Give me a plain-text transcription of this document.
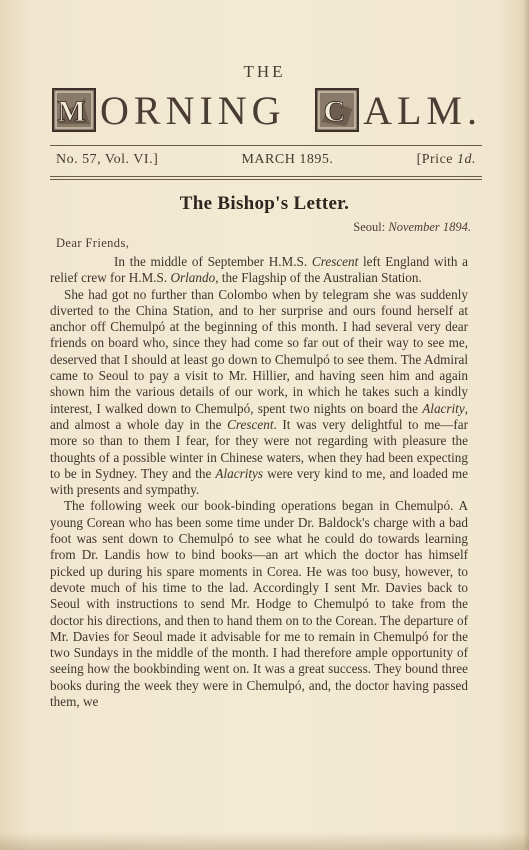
THE
M ORNING C ALM.
No. 57, Vol. VI.]	MARCH 1895.	[Price 1d.
The Bishop's Letter.
Seoul: November 1894.
Dear Friends,

In the middle of September H.M.S. Crescent left England with a relief crew for H.M.S. Orlando, the Flagship of the Australian Station.

She had got no further than Colombo when by telegram she was suddenly diverted to the China Station, and to her surprise and ours found herself at anchor off Chemulpó at the beginning of this month. I had several very dear friends on board who, since they had come so far out of their way to see me, deserved that I should at least go down to Chemulpó to see them. The Admiral came to Seoul to pay a visit to Mr. Hillier, and having seen him and again shown him the various details of our work, in which he takes such a kindly interest, I walked down to Chemulpó, spent two nights on board the Alacrity, and almost a whole day in the Crescent. It was very delightful to me—far more so than to them I fear, for they were not regarding with pleasure the thoughts of a possible winter in Chinese waters, when they had been expecting to be in Sydney. They and the Alacritys were very kind to me, and loaded me with presents and sympathy.

The following week our book-binding operations began in Chemulpó. A young Corean who has been some time under Dr. Baldock's charge with a bad foot was sent down to Chemulpó to see what he could do towards learning from Dr. Landis how to bind books—an art which the doctor has himself picked up during his spare moments in Corea. He was too busy, however, to devote much of his time to the lad. Accordingly I sent Mr. Davies back to Seoul with instructions to send Mr. Hodge to Chemulpó to take from the doctor his directions, and then to hand them on to the Corean. The departure of Mr. Davies for Seoul made it advisable for me to remain in Chemulpó for the two Sundays in the middle of the month. I had therefore ample opportunity of seeing how the bookbinding went on. It was a great success. They bound three books during the week they were in Chemulpó, and, the doctor having passed them, we
